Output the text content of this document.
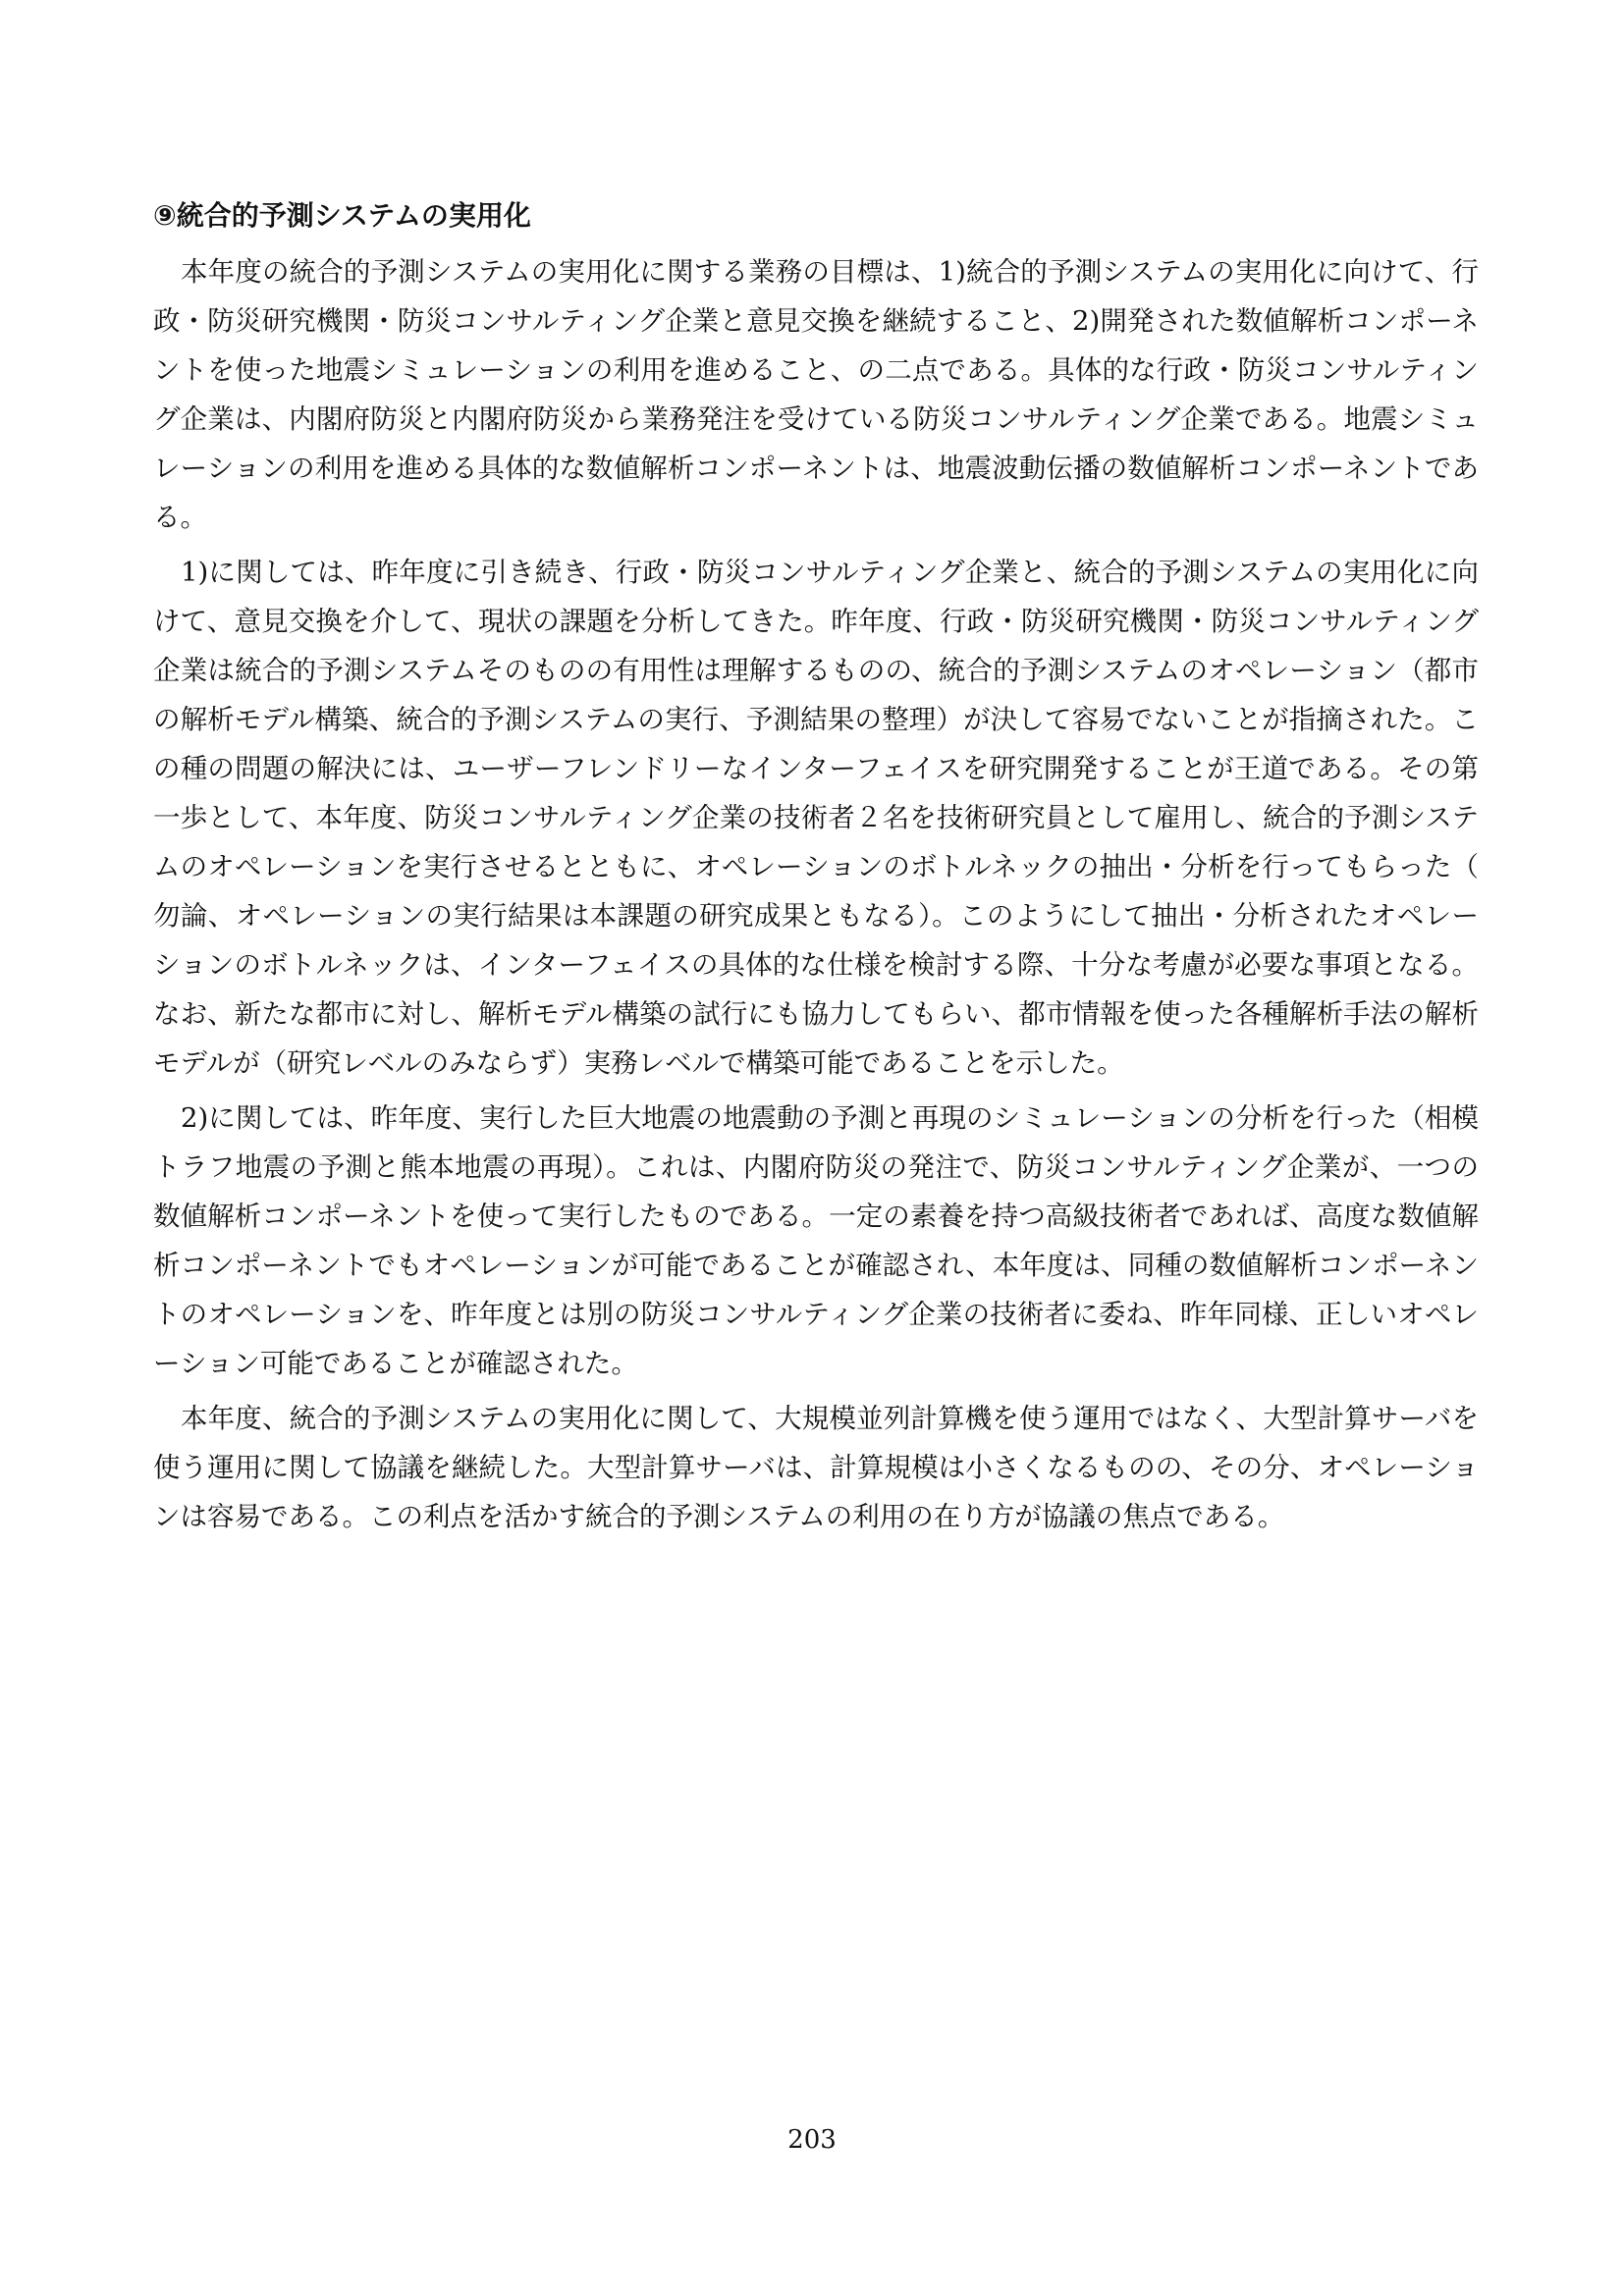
⑨統合的予測システムの実用化

本年度の統合的予測システムの実用化に関する業務の目標は、1)統合的予測システムの実用化に向けて、行政・防災研究機関・防災コンサルティング企業と意見交換を継続すること、2)開発された数値解析コンポーネントを使った地震シミュレーションの利用を進めること、の二点である。具体的な行政・防災コンサルティング企業は、内閣府防災と内閣府防災から業務発注を受けている防災コンサルティング企業である。地震シミュレーションの利用を進める具体的な数値解析コンポーネントは、地震波動伝播の数値解析コンポーネントである。

1)に関しては、昨年度に引き続き、行政・防災コンサルティング企業と、統合的予測システムの実用化に向けて、意見交換を介して、現状の課題を分析してきた。昨年度、行政・防災研究機関・防災コンサルティング企業は統合的予測システムそのものの有用性は理解するものの、統合的予測システムのオペレーション（都市の解析モデル構築、統合的予測システムの実行、予測結果の整理）が決して容易でないことが指摘された。この種の問題の解決には、ユーザーフレンドリーなインターフェイスを研究開発することが王道である。その第一歩として、本年度、防災コンサルティング企業の技術者２名を技術研究員として雇用し、統合的予測システムのオペレーションを実行させるとともに、オペレーションのボトルネックの抽出・分析を行ってもらった（勿論、オペレーションの実行結果は本課題の研究成果ともなる）。このようにして抽出・分析されたオペレーションのボトルネックは、インターフェイスの具体的な仕様を検討する際、十分な考慮が必要な事項となる。なお、新たな都市に対し、解析モデル構築の試行にも協力してもらい、都市情報を使った各種解析手法の解析モデルが（研究レベルのみならず）実務レベルで構築可能であることを示した。

2)に関しては、昨年度、実行した巨大地震の地震動の予測と再現のシミュレーションの分析を行った（相模トラフ地震の予測と熊本地震の再現）。これは、内閣府防災の発注で、防災コンサルティング企業が、一つの数値解析コンポーネントを使って実行したものである。一定の素養を持つ高級技術者であれば、高度な数値解析コンポーネントでもオペレーションが可能であることが確認され、本年度は、同種の数値解析コンポーネントのオペレーションを、昨年度とは別の防災コンサルティング企業の技術者に委ね、昨年同様、正しいオペレーション可能であることが確認された。

本年度、統合的予測システムの実用化に関して、大規模並列計算機を使う運用ではなく、大型計算サーバを使う運用に関して協議を継続した。大型計算サーバは、計算規模は小さくなるものの、その分、オペレーションは容易である。この利点を活かす統合的予測システムの利用の在り方が協議の焦点である。

203
